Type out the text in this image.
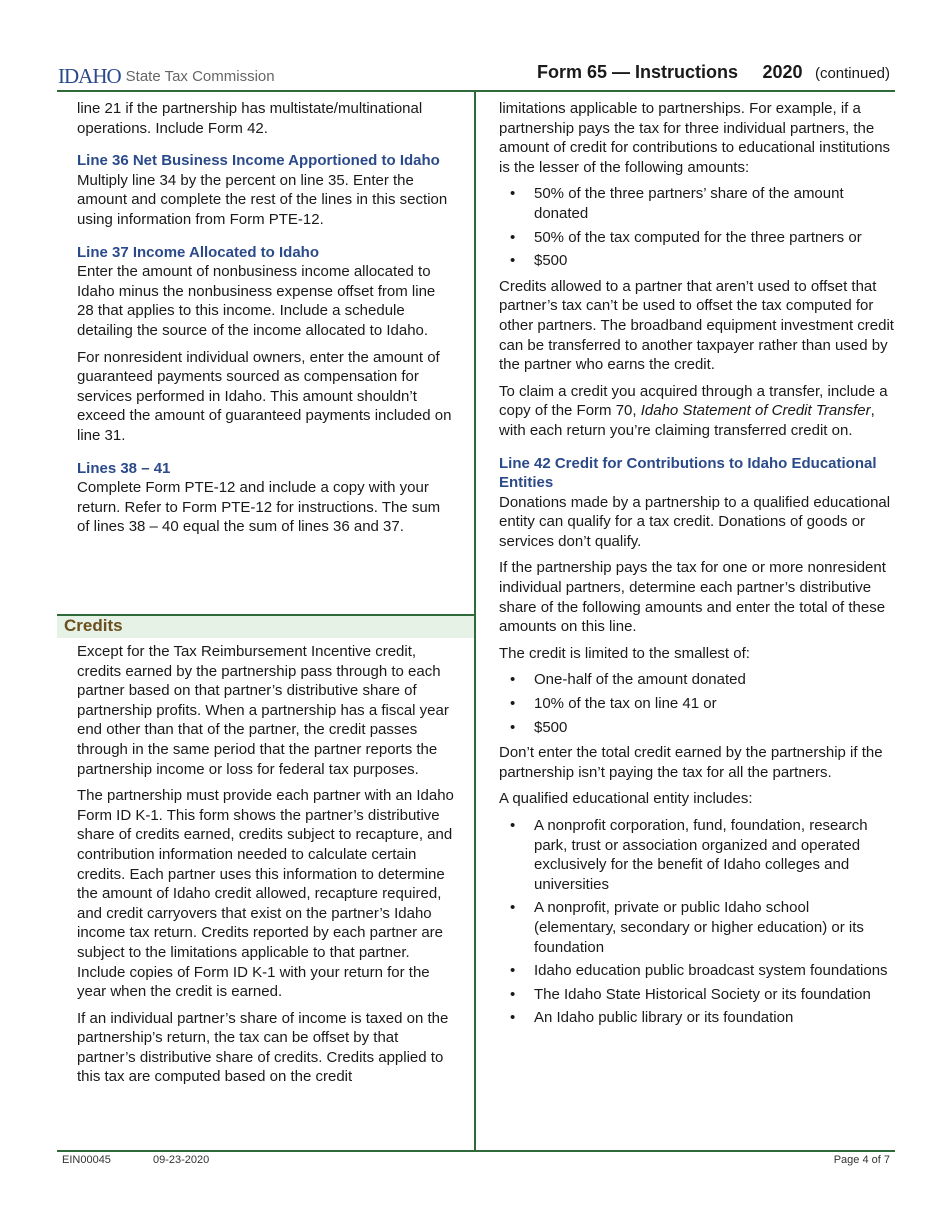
IDAHO State Tax Commission	Form 65 — Instructions 2020 (continued)

line 21 if the partnership has multistate/multinational operations. Include Form 42.

Line 36 Net Business Income Apportioned to Idaho

Multiply line 34 by the percent on line 35. Enter the amount and complete the rest of the lines in this section using information from Form PTE-12.

Line 37 Income Allocated to Idaho

Enter the amount of nonbusiness income allocated to Idaho minus the nonbusiness expense offset from line 28 that applies to this income. Include a schedule detailing the source of the income allocated to Idaho.

For nonresident individual owners, enter the amount of guaranteed payments sourced as compensation for services performed in Idaho. This amount shouldn’t exceed the amount of guaranteed payments included on line 31.

Lines 38 – 41

Complete Form PTE-12 and include a copy with your return. Refer to Form PTE-12 for instructions. The sum of lines 38 – 40 equal the sum of lines 36 and 37.

Credits

Except for the Tax Reimbursement Incentive credit, credits earned by the partnership pass through to each partner based on that partner’s distributive share of partnership profits. When a partnership has a fiscal year end other than that of the partner, the credit passes through in the same period that the partner reports the partnership income or loss for federal tax purposes.

The partnership must provide each partner with an Idaho Form ID K-1. This form shows the partner’s distributive share of credits earned, credits subject to recapture, and contribution information needed to calculate certain credits. Each partner uses this information to determine the amount of Idaho credit allowed, recapture required, and credit carryovers that exist on the partner’s Idaho income tax return. Credits reported by each partner are subject to the limitations applicable to that partner. Include copies of Form ID K-1 with your return for the year when the credit is earned.

If an individual partner’s share of income is taxed on the partnership’s return, the tax can be offset by that partner’s distributive share of credits. Credits applied to this tax are computed based on the credit

limitations applicable to partnerships. For example, if a partnership pays the tax for three individual partners, the amount of credit for contributions to educational institutions is the lesser of the following amounts:

• 50% of the three partners’ share of the amount donated
• 50% of the tax computed for the three partners or
• $500

Credits allowed to a partner that aren’t used to offset that partner’s tax can’t be used to offset the tax computed for other partners. The broadband equipment investment credit can be transferred to another taxpayer rather than used by the partner who earns the credit.

To claim a credit you acquired through a transfer, include a copy of the Form 70, Idaho Statement of Credit Transfer, with each return you’re claiming transferred credit on.

Line 42 Credit for Contributions to Idaho Educational Entities

Donations made by a partnership to a qualified educational entity can qualify for a tax credit. Donations of goods or services don’t qualify.

If the partnership pays the tax for one or more nonresident individual partners, determine each partner’s distributive share of the following amounts and enter the total of these amounts on this line.

The credit is limited to the smallest of:

• One-half of the amount donated
• 10% of the tax on line 41 or
• $500

Don’t enter the total credit earned by the partnership if the partnership isn’t paying the tax for all the partners.

A qualified educational entity includes:

• A nonprofit corporation, fund, foundation, research park, trust or association organized and operated exclusively for the benefit of Idaho colleges and universities
• A nonprofit, private or public Idaho school (elementary, secondary or higher education) or its foundation
• Idaho education public broadcast system foundations
• The Idaho State Historical Society or its foundation
• An Idaho public library or its foundation
EIN00045	09-23-2020	Page 4 of 7
